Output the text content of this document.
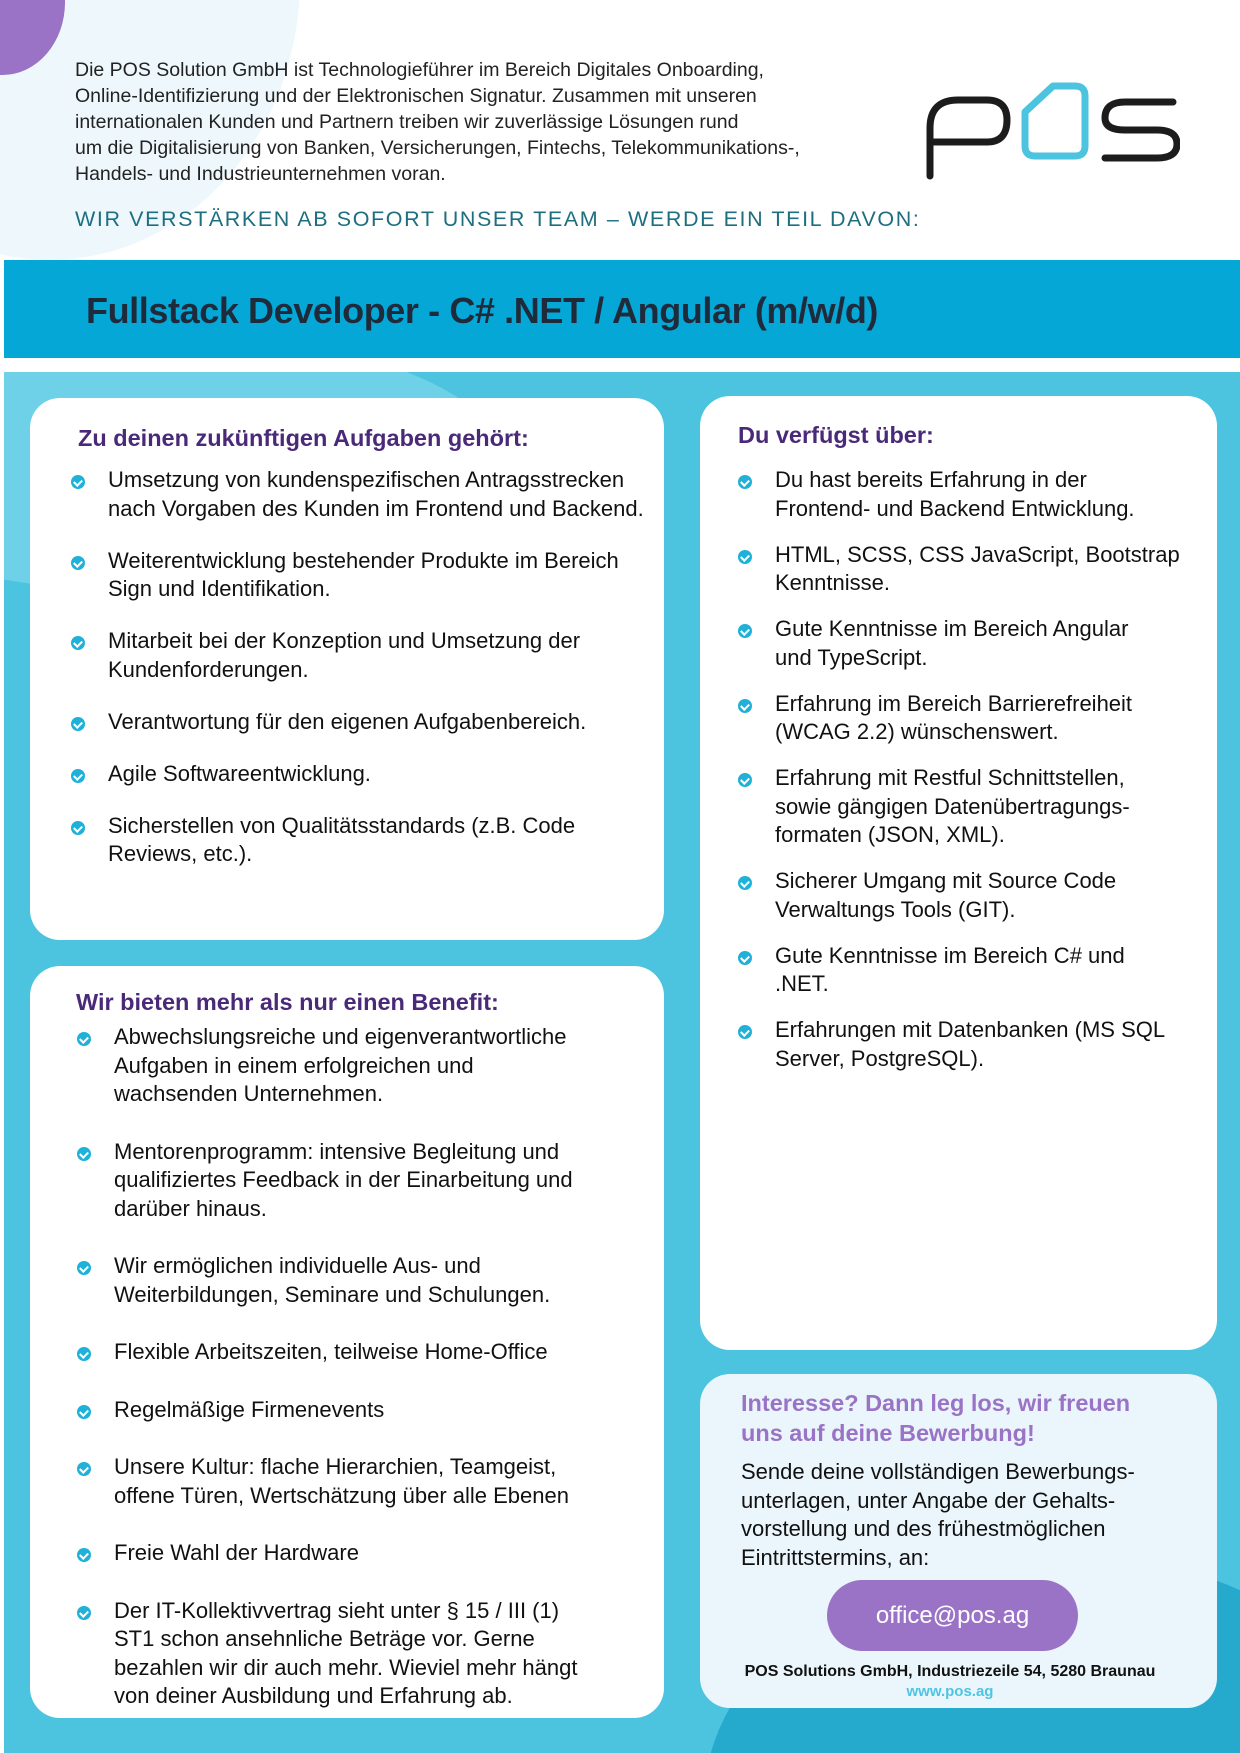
Die POS Solution GmbH ist Technologieführer im Bereich Digitales Onboarding,
Online-Identifizierung und der Elektronischen Signatur. Zusammen mit unseren
internationalen Kunden und Partnern treiben wir zuverlässige Lösungen rund
um die Digitalisierung von Banken, Versicherungen, Fintechs, Telekommunikations-,
Handels- und Industrieunternehmen voran.
WIR VERSTÄRKEN AB SOFORT UNSER TEAM – WERDE EIN TEIL DAVON:
Fullstack Developer - C# .NET / Angular (m/w/d)
Zu deinen zukünftigen Aufgaben gehört:
Umsetzung von kundenspezifischen Antragsstrecken
nach Vorgaben des Kunden im Frontend und Backend.
Weiterentwicklung bestehender Produkte im Bereich
Sign und Identifikation.
Mitarbeit bei der Konzeption und Umsetzung der
Kundenforderungen.
Verantwortung für den eigenen Aufgabenbereich.
Agile Softwareentwicklung.
Sicherstellen von Qualitätsstandards (z.B. Code
Reviews, etc.).
Wir bieten mehr als nur einen Benefit:
Abwechslungsreiche und eigenverantwortliche
Aufgaben in einem erfolgreichen und
wachsenden Unternehmen.
Mentorenprogramm: intensive Begleitung und
qualifiziertes Feedback in der Einarbeitung und
darüber hinaus.
Wir ermöglichen individuelle Aus- und
Weiterbildungen, Seminare und Schulungen.
Flexible Arbeitszeiten, teilweise Home-Office
Regelmäßige Firmenevents
Unsere Kultur: flache Hierarchien, Teamgeist,
offene Türen, Wertschätzung über alle Ebenen
Freie Wahl der Hardware
Der IT-Kollektivvertrag sieht unter § 15 / III (1)
ST1 schon ansehnliche Beträge vor. Gerne
bezahlen wir dir auch mehr. Wieviel mehr hängt
von deiner Ausbildung und Erfahrung ab.
Du verfügst über:
Du hast bereits Erfahrung in der
Frontend- und Backend Entwicklung.
HTML, SCSS, CSS JavaScript, Bootstrap
Kenntnisse.
Gute Kenntnisse im Bereich Angular
und TypeScript.
Erfahrung im Bereich Barrierefreiheit
(WCAG 2.2) wünschenswert.
Erfahrung mit Restful Schnittstellen,
sowie gängigen Datenübertragungs-
formaten (JSON, XML).
Sicherer Umgang mit Source Code
Verwaltungs Tools (GIT).
Gute Kenntnisse im Bereich C# und
.NET.
Erfahrungen mit Datenbanken (MS SQL
Server, PostgreSQL).
Interesse? Dann leg los, wir freuen
uns auf deine Bewerbung!
Sende deine vollständigen Bewerbungs-
unterlagen, unter Angabe der Gehalts-
vorstellung und des frühestmöglichen
Eintrittstermins, an:
office@pos.ag
POS Solutions GmbH, Industriezeile 54, 5280 Braunau
www.pos.ag
